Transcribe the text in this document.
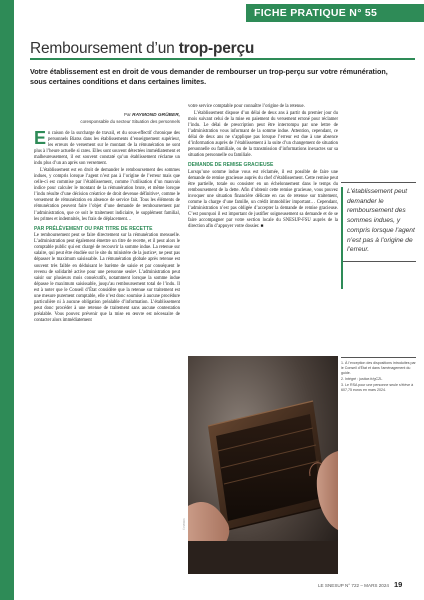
FICHE PRATIQUE N° 55
Remboursement d’un trop-perçu
Votre établissement est en droit de vous demander de rembourser un trop-perçu sur votre rémunération, sous certaines conditions et dans certaines limites.
Par RAYMOND GRÜBER,
coresponsable du secteur Situation des personnels

En raison de la surcharge de travail, et du sous-effectif chronique des personnels Biatss dans les établissements d’enseignement supérieur, les erreurs de versement sur le montant de la rémunération ne sont plus à l’heure actuelle si rares. Elles sont souvent détectées immédiatement et malheureusement, il est souvent constaté qu’un établissement réclame un indu plus d’un an après son versement.

L’établissement est en droit de demander le remboursement des sommes indues, y compris lorsque l’agent n’est pas à l’origine de l’erreur mais que celle-ci est commise par l’établissement, comme l’utilisation d’un mauvais indice pour calculer le montant de la rémunération brute, et même lorsque l’indu résulte d’une décision créatrice de droit devenue définitive¹, comme le versement de rémunération en absence de service fait. Tous les éléments de rémunération peuvent faire l’objet d’une demande de remboursement par l’administration, que ce soit le traitement indiciaire, le supplément familial, les primes et indemnités, les frais de déplacement…

PAR PRÉLÈVEMENT OU PAR TITRE DE RECETTE

Le remboursement peut se faire directement sur la rémunération mensuelle. L’administration peut également émettre un titre de recette, et il peut alors le comptable public qui est chargé de recouvrir la somme indue. La retenue sur salaire, qui peut être étudiée sur le site du ministère de la justice², ne peut pas dépasser le maximum saisissable. La rémunération globale après retenue est souvent très faible en déduisant le barème de saisie et par conséquent le revenu de solidarité active pour une personne seule³. L’administration peut saisir sur plusieurs mois consécutifs, notamment lorsque la somme indue dépasse le maximum saisissable, jusqu’au remboursement total de l’indu. Il est à noter que le Conseil d’État considère que la retenue sur traitement est une mesure purement comptable, elle n’est donc soumise à aucune procédure particulière ni à aucune obligation préalable d’information. L’établissement peut donc procéder à une retenue de traitement sans aucune contestation préalable. Vous pouvez prévenir que la mise en œuvre est nécessaire de contacter alors immédiatement

votre service comptable pour connaître l’origine de la retenue.

L’établissement dispose d’un délai de deux ans à partir du premier jour du mois suivant celui de la mise en paiement du versement erroné pour réclamer l’indu. Le délai de prescription peut être interrompu par une lettre de l’administration vous informant de la somme indue. Attention, cependant, ce délai de deux ans ne s’applique pas lorsque l’erreur est due à une absence d’information auprès de l’établissement à la suite d’un changement de situation personnelle ou familiale, ou de la transmission d’informations inexactes sur sa situation personnelle ou familiale.

DEMANDE DE REMISE GRACIEUSE

Lorsqu’une somme indue vous est réclamée, il est possible de faire une demande de remise gracieuse auprès du chef d’établissement. Cette remise peut être partielle, totale ou consister en un échelonnement dans le temps du remboursement de la dette. Afin d’obtenir cette remise gracieuse, vous pouvez invoquer une situation financière délicate en cas de retenue sur traitement, comme la charge d’une famille, un crédit immobilier important… Cependant, l’administration n’est pas obligée d’accepter la demande de remise gracieuse. C’est pourquoi il est important de justifier soigneusement sa demande et de se faire accompagner par votre section locale du SNESUP-FSU auprès de la direction afin d’appuyer votre dossier. ■

L’établissement peut demander le remboursement des sommes indues, y compris lorsque l’agent n’est pas à l’origine de l’erreur.
1. À l’exception des dispositions introduites par le Conseil d’État et dans l’aménagement du guide.
2. Intégré : justice.fr/gCZL
3. Le RSA pour une personne seule s’élève à 607,75 euros en mars 2024.
© ISTOCK
LE SNESUP N° 722 – MARS 2024 19
